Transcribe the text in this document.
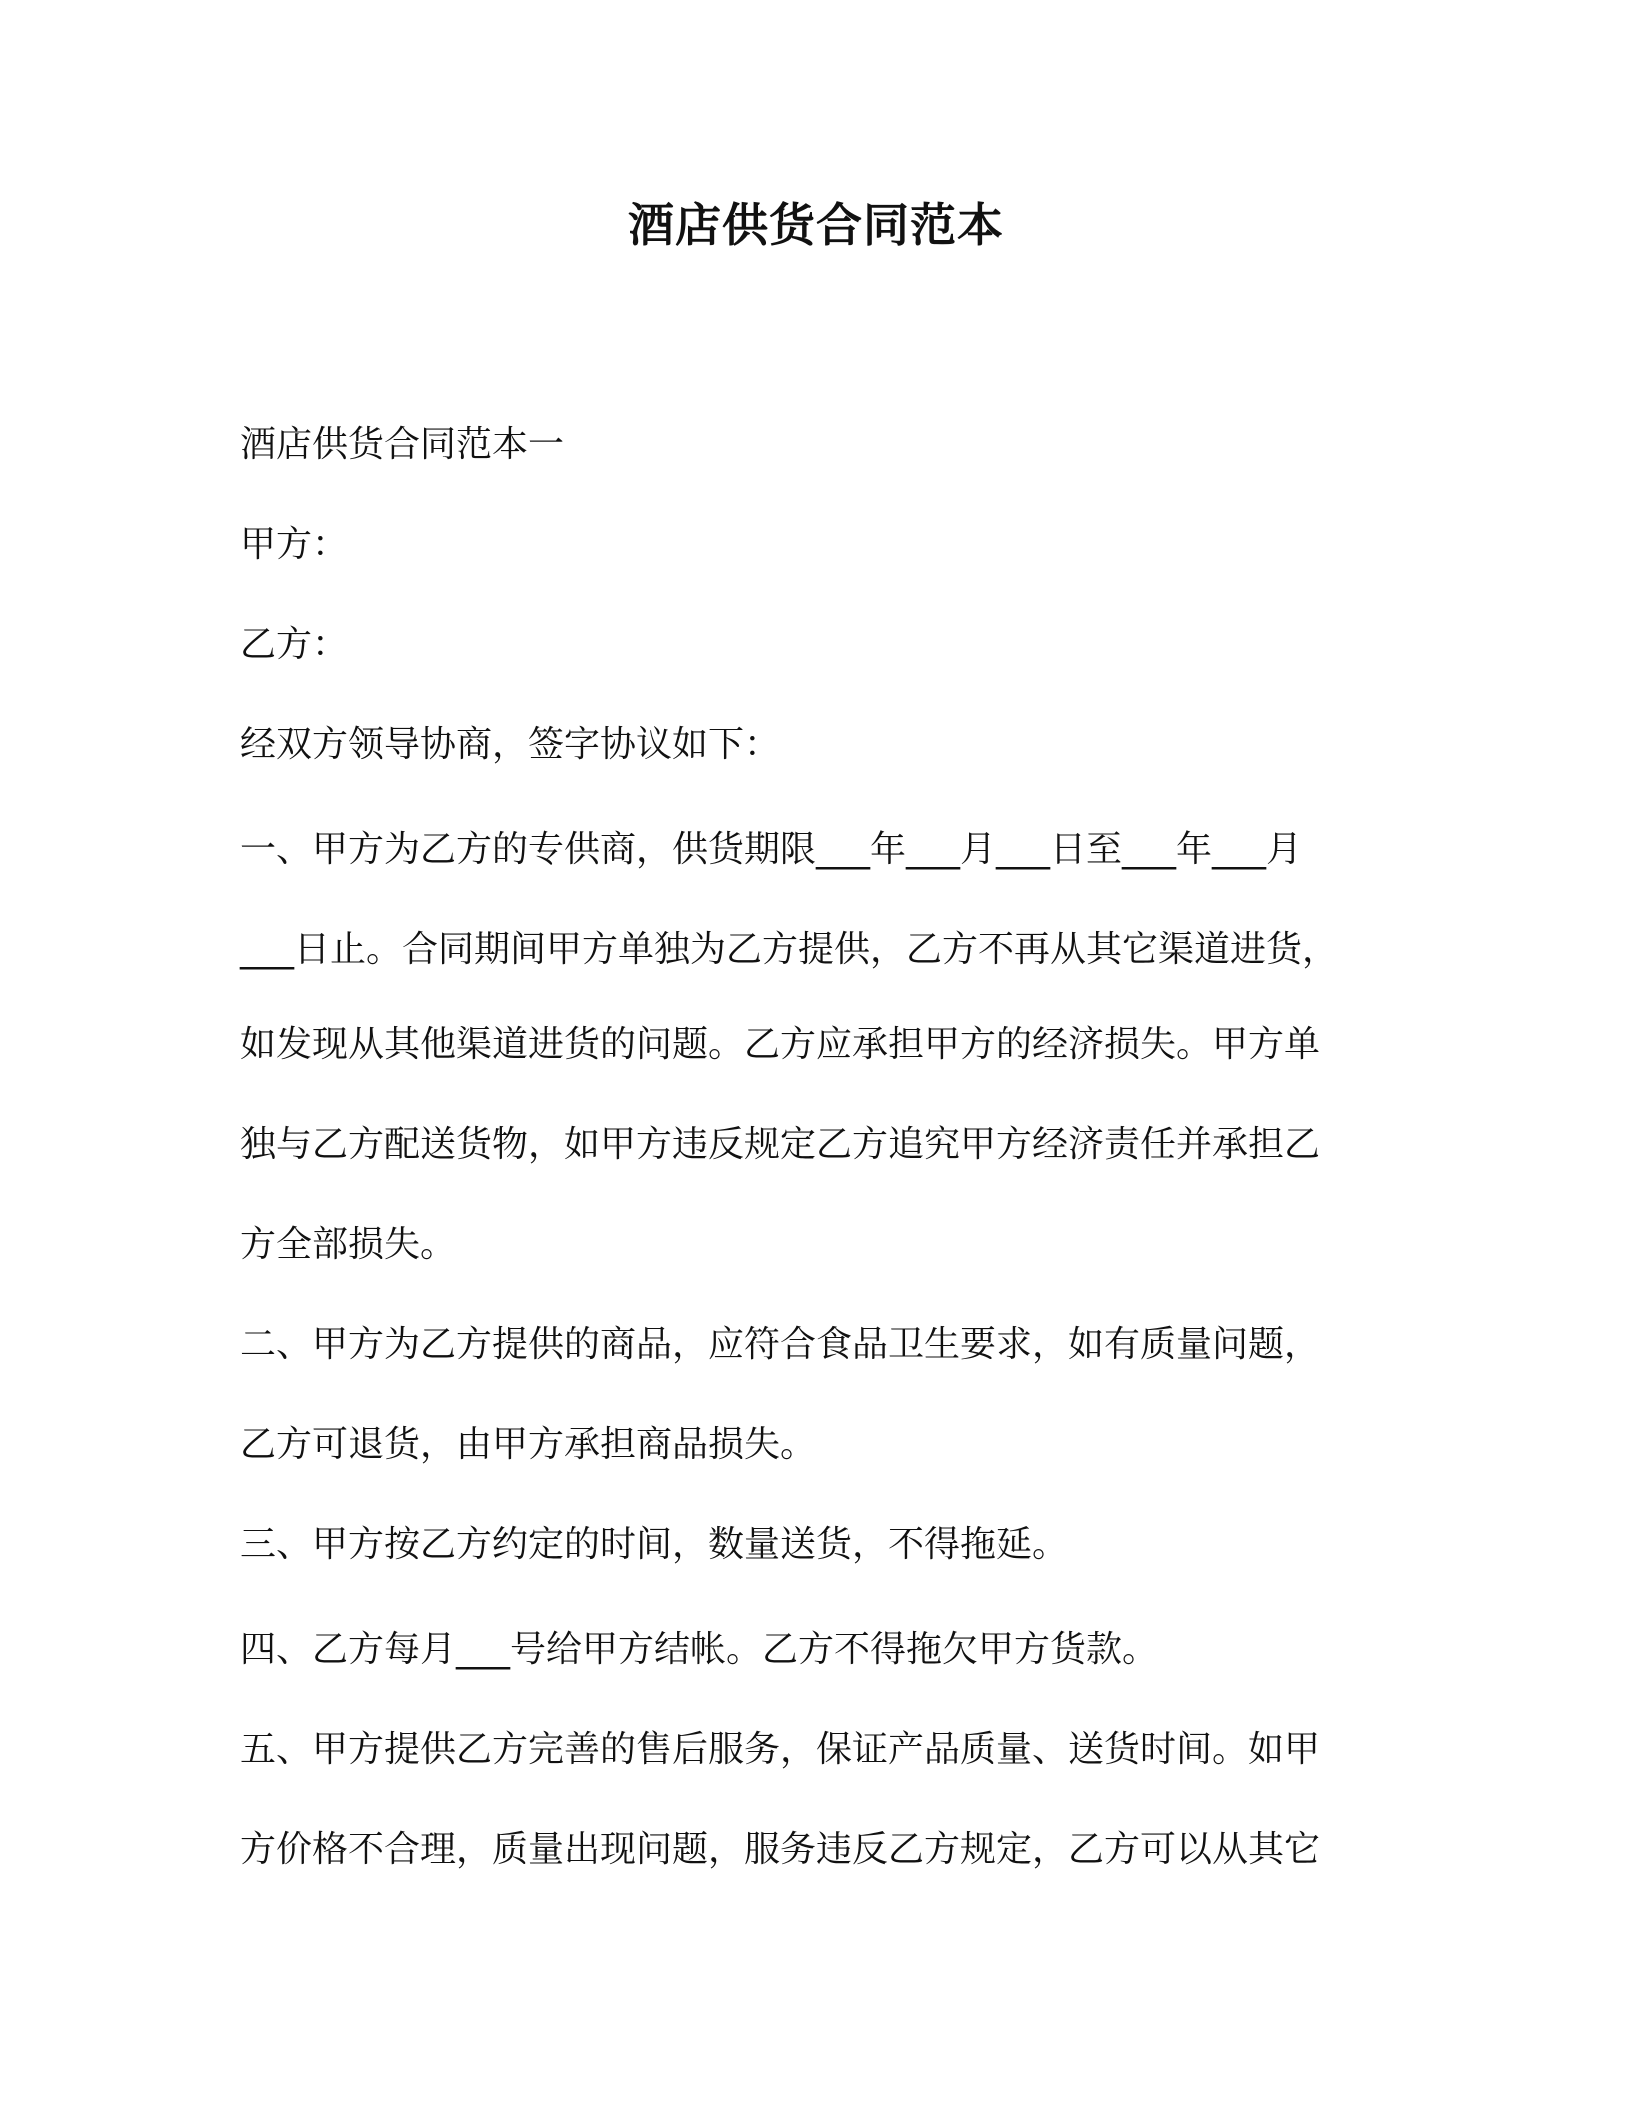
酒店供货合同范本

酒店供货合同范本一

甲方：

乙方：

经双方领导协商，签字协议如下：

一、甲方为乙方的专供商，供货期限___年___月___日至___年___月

___日止。合同期间甲方单独为乙方提供，乙方不再从其它渠道进货，

如发现从其他渠道进货的问题。乙方应承担甲方的经济损失。甲方单

独与乙方配送货物，如甲方违反规定乙方追究甲方经济责任并承担乙

方全部损失。

二、甲方为乙方提供的商品，应符合食品卫生要求，如有质量问题，

乙方可退货，由甲方承担商品损失。

三、甲方按乙方约定的时间，数量送货，不得拖延。

四、乙方每月___号给甲方结帐。乙方不得拖欠甲方货款。

五、甲方提供乙方完善的售后服务，保证产品质量、送货时间。如甲

方价格不合理，质量出现问题，服务违反乙方规定，乙方可以从其它
